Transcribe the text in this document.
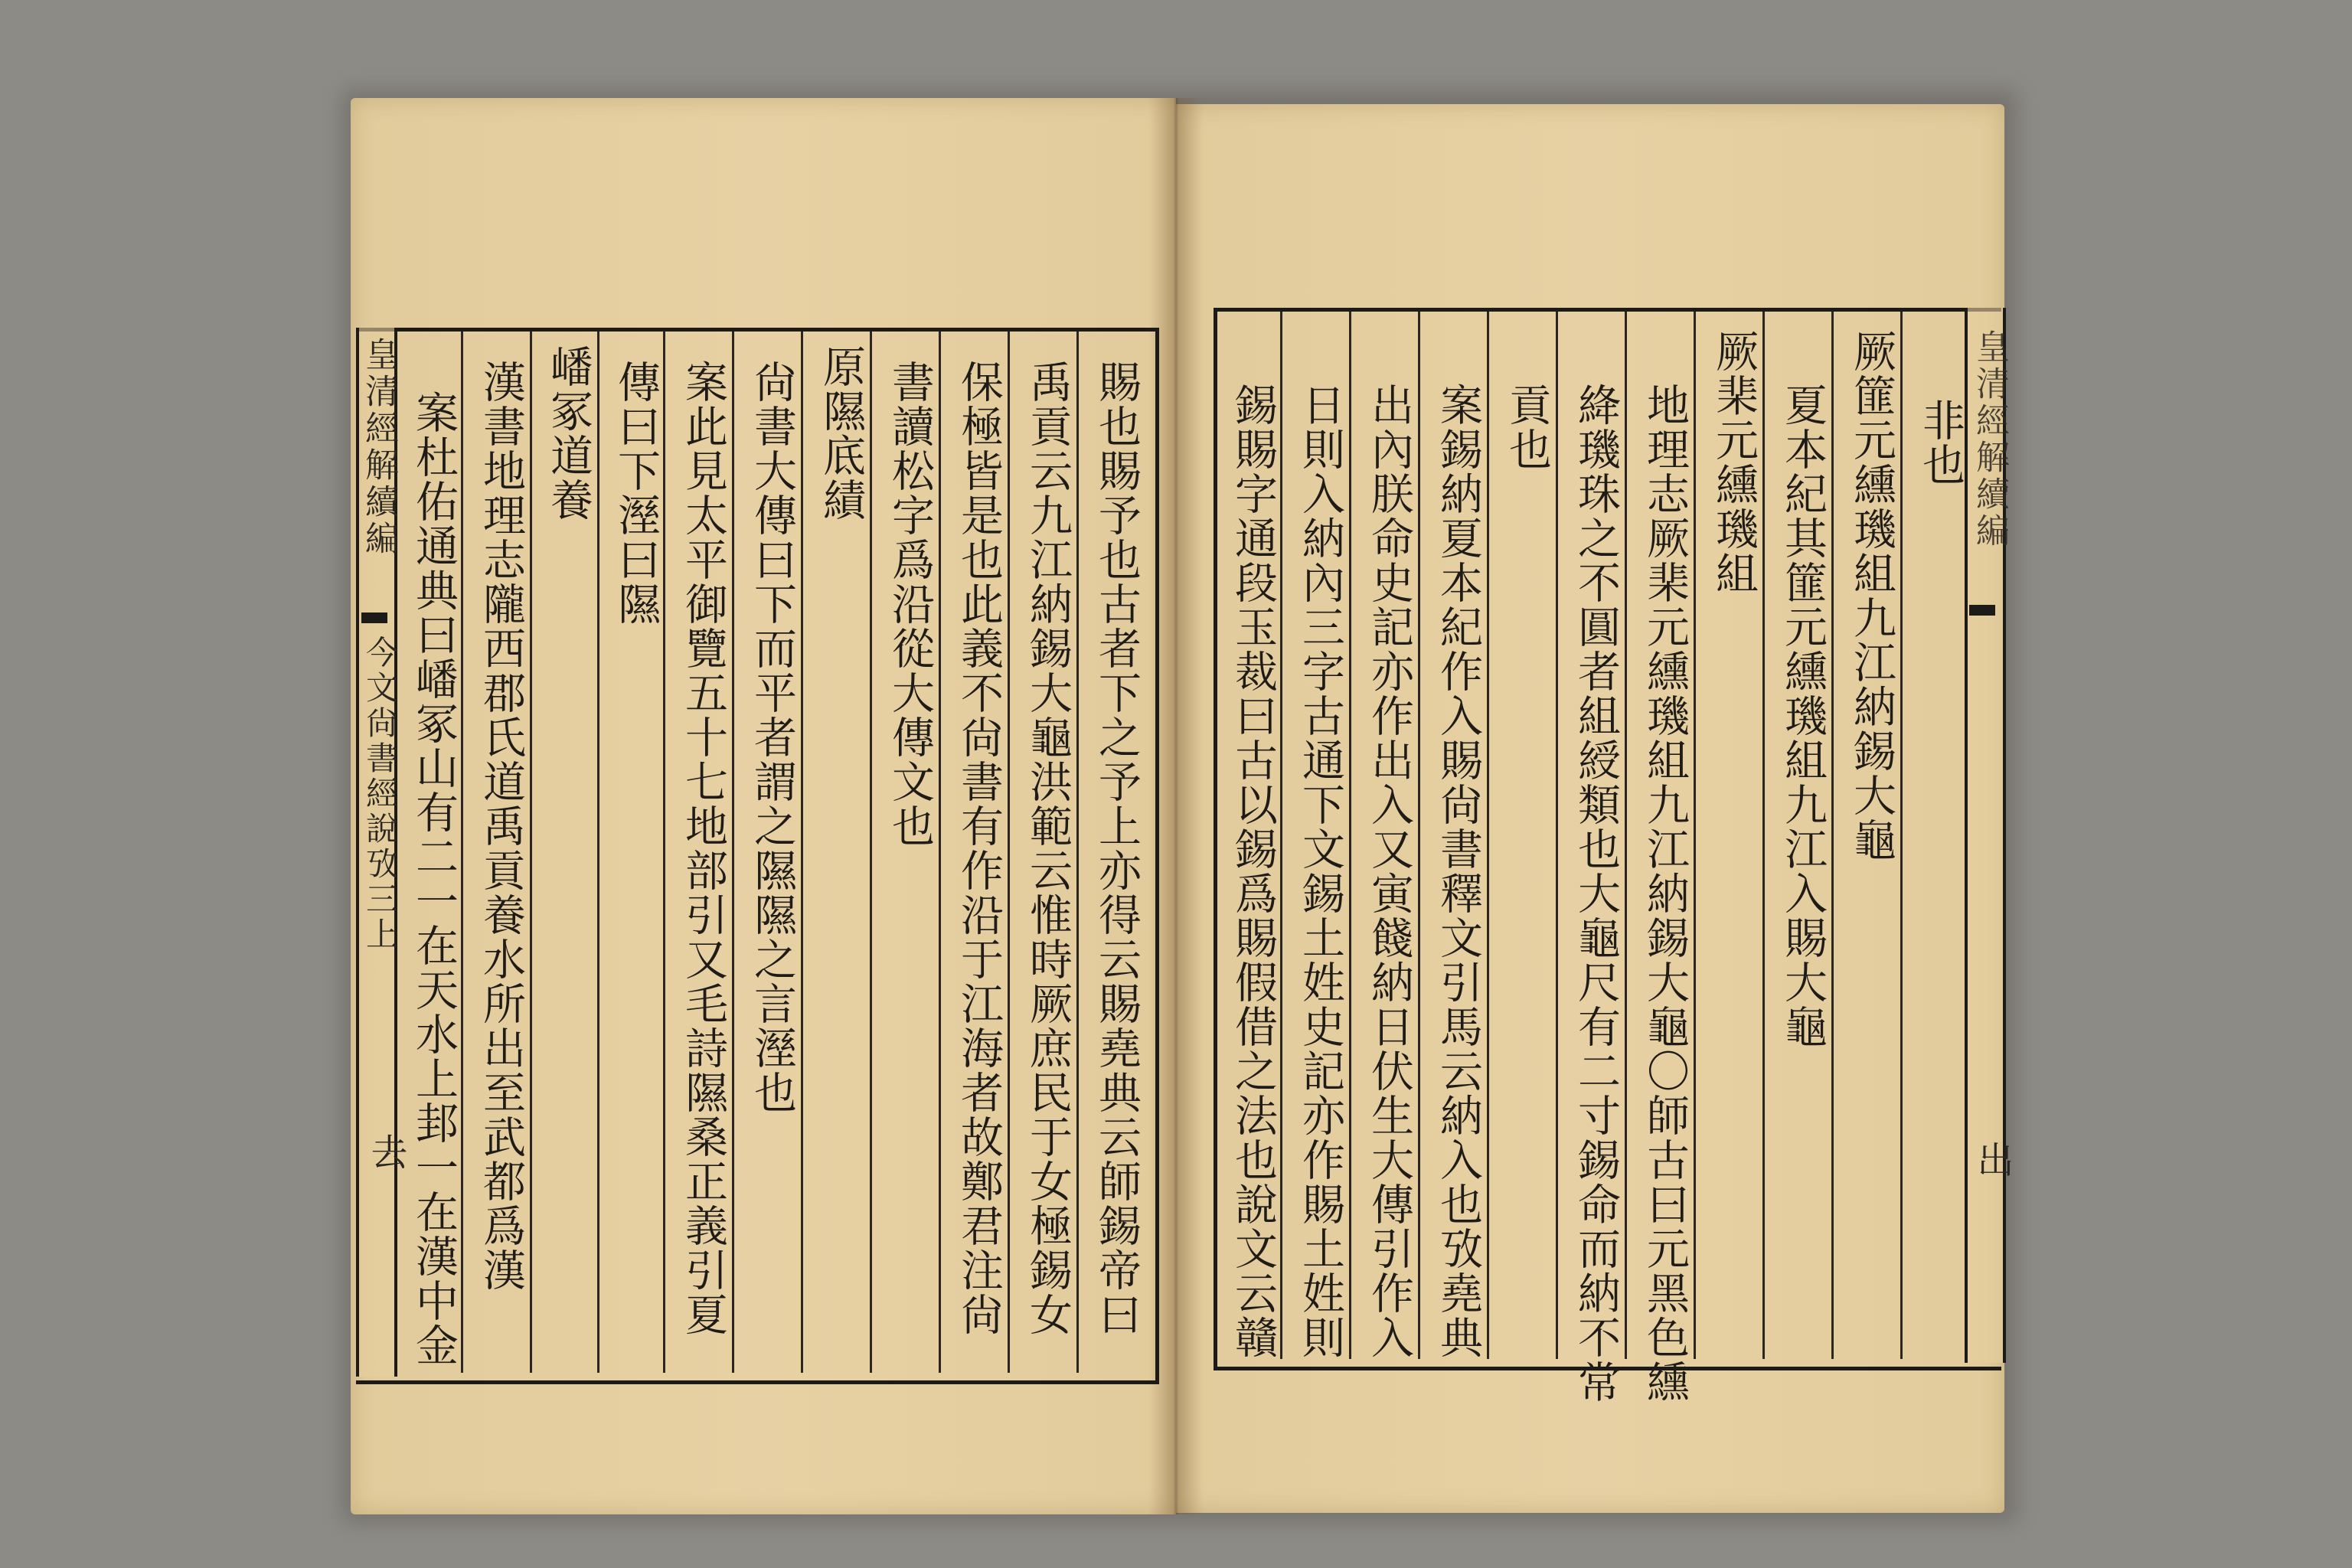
皇清經解續編
今文尙書經說攷三上
去	賜也賜予也古者下之予上亦得云賜堯典云師錫帝曰
禹貢云九江納錫大龜洪範云惟時厥庶民于女極錫女
保極皆是也此義不尙書有作沿于江海者故鄭君注尙
書讀松字爲沿從大傳文也
原隰底績
尙書大傳曰下而平者謂之隰隰之言溼也
案此見太平御覽五十七地部引又毛詩隰桑正義引夏
傳曰下溼曰隰
嶓冢道養
漢書地理志隴西郡氏道禹貢養水所出至武都爲漢
案杜佑通典曰嶓冢山有二一在天水上邽一在漢中金	皇清經解續編
出
非也
厥篚元纁璣組九江納錫大龜
夏本紀其篚元纁璣組九江入賜大龜
厥棐元纁璣組
地理志厥棐元纁璣組九江納錫大龜〇師古曰元黑色纁
絳璣珠之不圓者組綬類也大龜尺有二寸錫命而納不常
貢也
案錫納夏本紀作入賜尙書釋文引馬云納入也攷堯典
出內朕命史記亦作出入又寅餞納日伏生大傳引作入
日則入納內三字古通下文錫土姓史記亦作賜土姓則
錫賜字通段玉裁曰古以錫爲賜假借之法也說文云贛
